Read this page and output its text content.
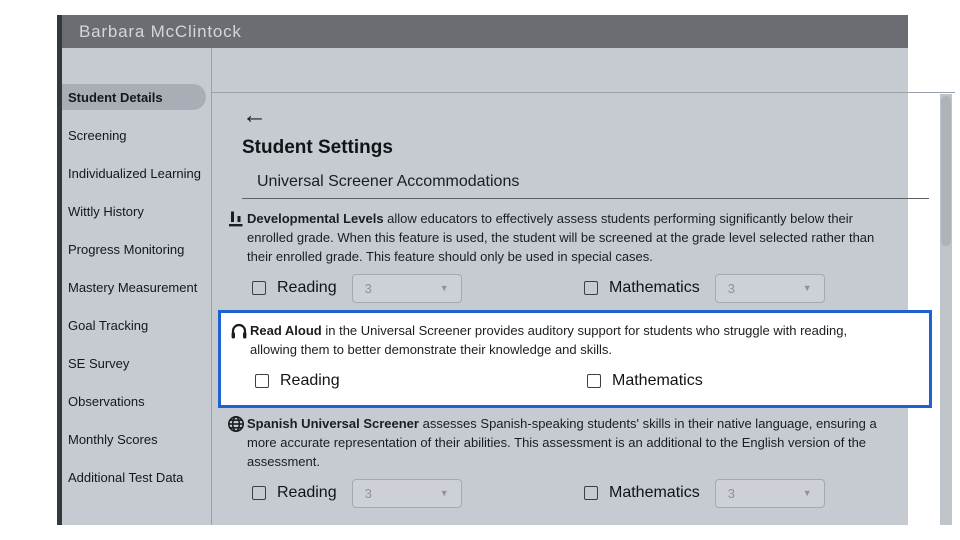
Barbara McClintock
Student Details
Screening
Individualized Learning
Wittly History
Progress Monitoring
Mastery Measurement
Goal Tracking
SE Survey
Observations
Monthly Scores
Additional Test Data
←
Student Settings
Universal Screener Accommodations
Developmental Levels allow educators to effectively assess students performing significantly below their enrolled grade. When this feature is used, the student will be screened at the grade level selected rather than their enrolled grade. This feature should only be used in special cases.
Reading 3	▼	Mathematics 3	▼
Read Aloud in the Universal Screener provides auditory support for students who struggle with reading, allowing them to better demonstrate their knowledge and skills.
Reading	Mathematics
Spanish Universal Screener assesses Spanish-speaking students' skills in their native language, ensuring a more accurate representation of their abilities. This assessment is an additional to the English version of the assessment.
Reading 3	▼	Mathematics 3	▼
